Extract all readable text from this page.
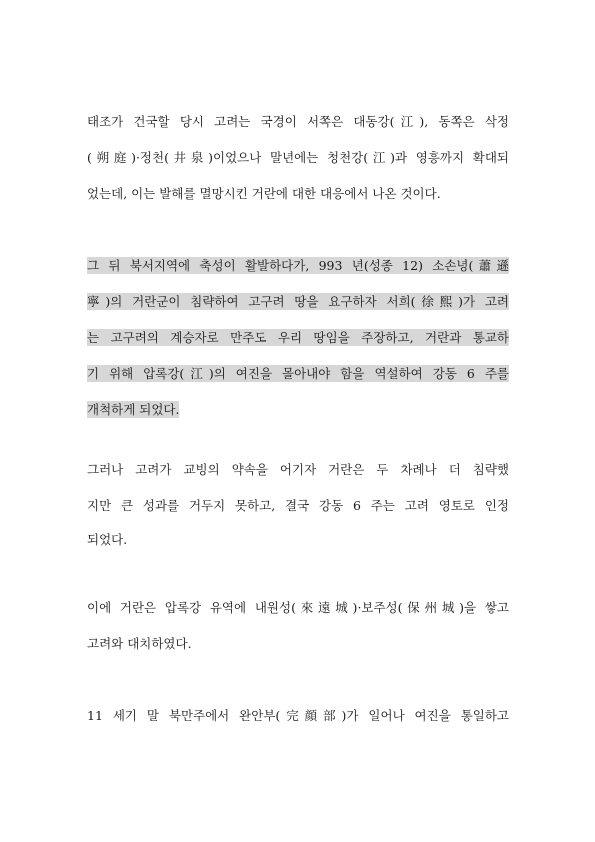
태조가 건국할 당시 고려는 국경이 서쪽은 대동강(江), 동쪽은 삭정
(朔庭)·정천(井泉)이었으나 말년에는 청천강(江)과 영흥까지 확대되
었는데, 이는 발해를 멸망시킨 거란에 대한 대응에서 나온 것이다.
그 뒤 북서지역에 축성이 활발하다가, 993 년(성종 12) 소손녕(蕭遜
寧)의 거란군이 침략하여 고구려 땅을 요구하자 서희(徐熙)가 고려
는 고구려의 계승자로 만주도 우리 땅임을 주장하고, 거란과 통교하
기 위해 압록강(江)의 여진을 몰아내야 함을 역설하여 강동 6 주를
개척하게 되었다.
그러나 고려가 교빙의 약속을 어기자 거란은 두 차례나 더 침략했
지만 큰 성과를 거두지 못하고, 결국 강동 6 주는 고려 영토로 인정
되었다.
이에 거란은 압록강 유역에 내원성(來遠城)·보주성(保州城)을 쌓고
고려와 대치하였다.
11 세기 말 북만주에서 완안부(完顔部)가 일어나 여진을 통일하고
